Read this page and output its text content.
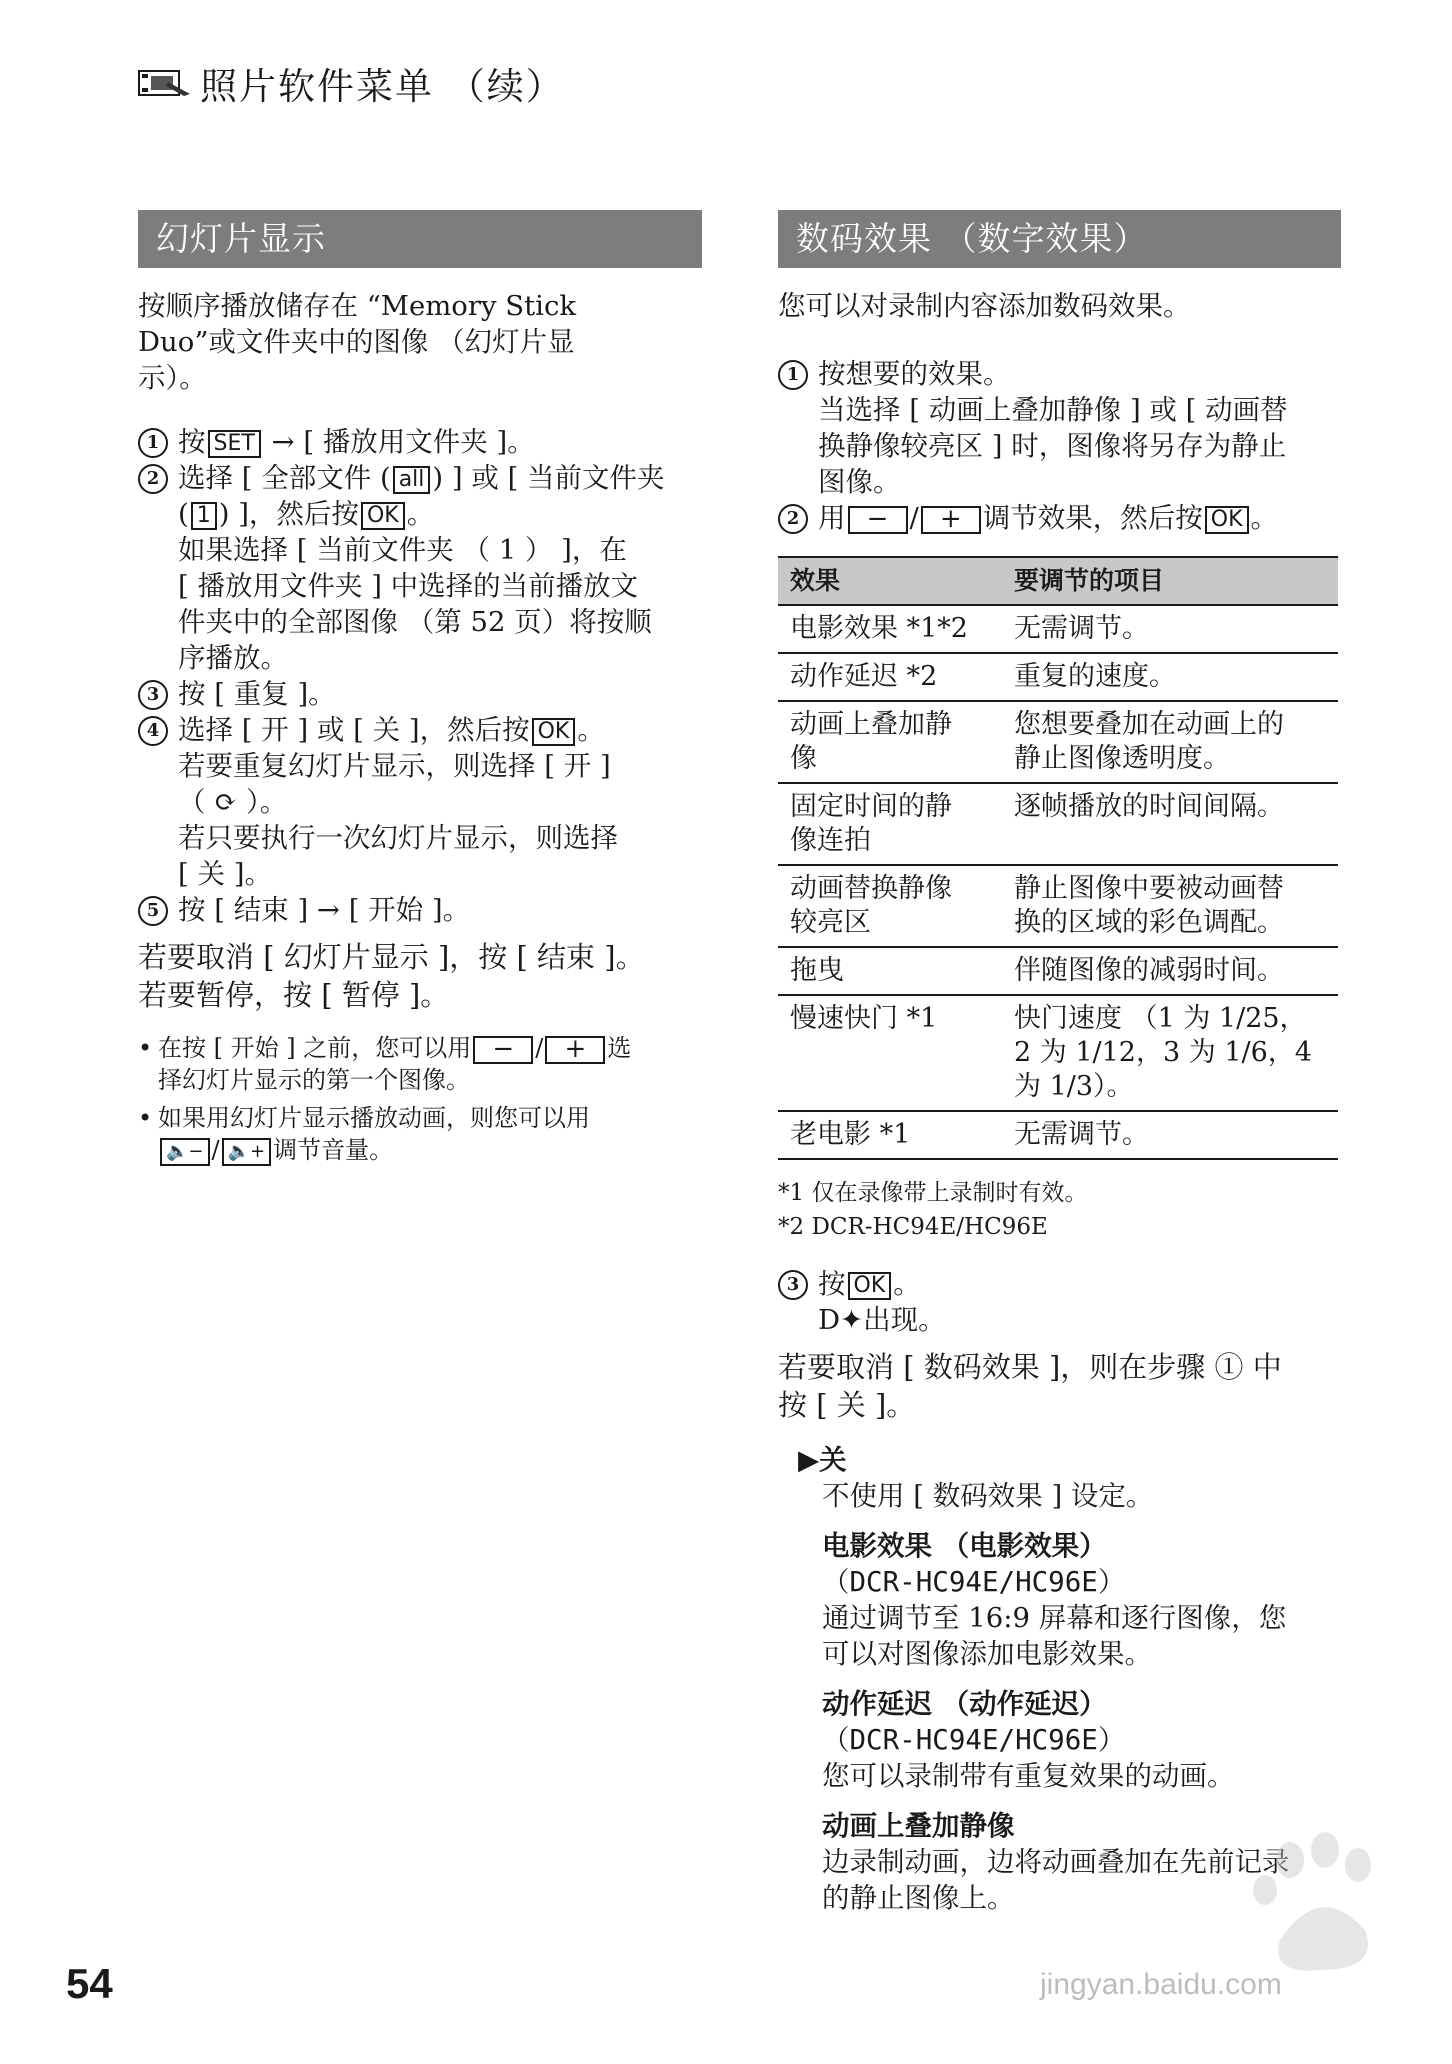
照片软件菜单 （续）
幻灯片显示

按顺序播放储存在 “Memory Stick
Duo”或文件夹中的图像 （幻灯片显
示）。

1 按 SET → [ 播放用文件夹 ]。

2 选择 [ 全部文件 ( all ) ] 或 [ 当前文件夹
( 1 ) ]，然后按 OK 。

如果选择 [ 当前文件夹 （ 1 ） ]，在
[ 播放用文件夹 ] 中选择的当前播放文
件夹中的全部图像 （第 52 页）将按顺
序播放。

3 按 [ 重复 ]。

4 选择 [ 开 ] 或 [ 关 ]，然后按 OK 。

若要重复幻灯片显示，则选择 [ 开 ]
（ ⟳ ）。

若只要执行一次幻灯片显示，则选择
[ 关 ]。

5 按 [ 结束 ] → [ 开始 ]。

若要取消 [ 幻灯片显示 ]，按 [ 结束 ]。
若要暂停，按 [ 暂停 ]。

• 在按 [ 开始 ] 之前，您可以用 − / + 选
择幻灯片显示的第一个图像。

• 如果用幻灯片显示播放动画，则您可以用
🔈− / 🔈+ 调节音量。

数码效果 （数字效果）

您可以对录制内容添加数码效果。

1 按想要的效果。

当选择 [ 动画上叠加静像 ] 或 [ 动画替
换静像较亮区 ] 时，图像将另存为静止
图像。

2 用 − / + 调节效果，然后按 OK 。

效果	要调节的项目
电影效果 *1*2	无需调节。
动作延迟 *2	重复的速度。
动画上叠加静
像	您想要叠加在动画上的
静止图像透明度。
固定时间的静
像连拍	逐帧播放的时间间隔。
动画替换静像
较亮区	静止图像中要被动画替
换的区域的彩色调配。
拖曳	伴随图像的减弱时间。
慢速快门 *1	快门速度 （1 为 1/25，
2 为 1/12，3 为 1/6，4
为 1/3）。
老电影 *1	无需调节。

*1 仅在录像带上录制时有效。
*2 DCR-HC94E/HC96E

3 按 OK 。

D✦出现。

若要取消 [ 数码效果 ]，则在步骤 ① 中
按 [ 关 ]。

▶关

不使用 [ 数码效果 ] 设定。

电影效果 （电影效果）

（DCR-HC94E/HC96E）

通过调节至 16:9 屏幕和逐行图像，您
可以对图像添加电影效果。

动作延迟 （动作延迟）

（DCR-HC94E/HC96E）

您可以录制带有重复效果的动画。

动画上叠加静像

边录制动画，边将动画叠加在先前记录
的静止图像上。

54	jingyan.baidu.com
